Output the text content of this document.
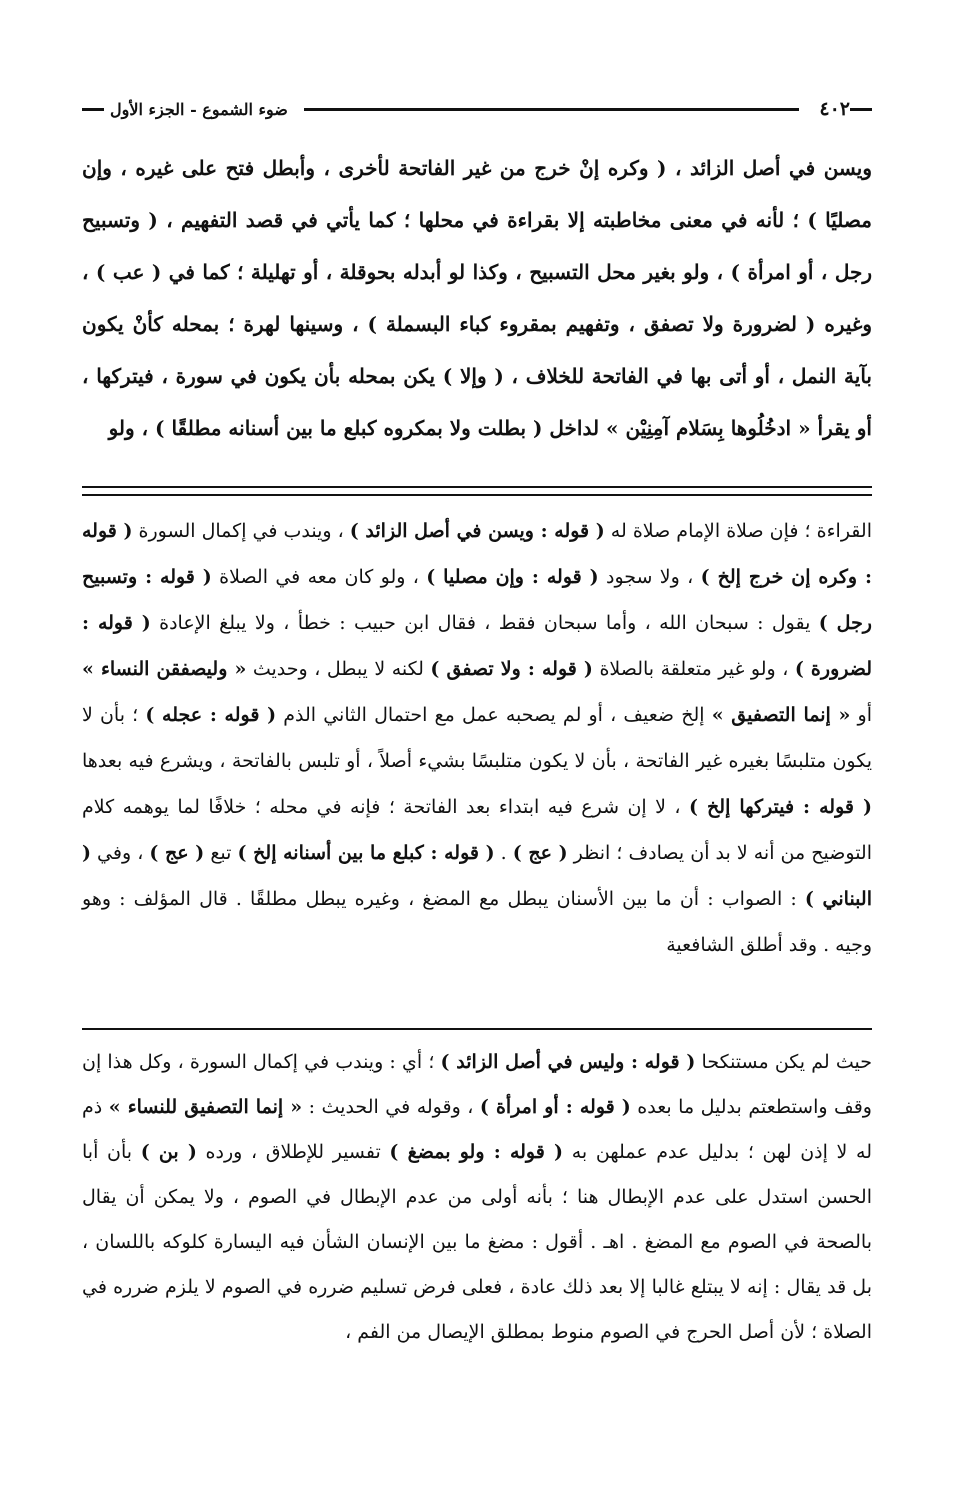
٤٠٢
ضوء الشموع - الجزء الأول
ويسن في أصل الزائد ، ( وكره إنْ خرج من غير الفاتحة لأخرى ، وأبطل فتح على غيره ، وإن مصليًا ) ؛ لأنه في معنى مخاطبته إلا بقراءة في محلها ؛ كما يأتي في قصد التفهيم ، ( وتسبيح رجل ، أو امرأة ) ، ولو بغير محل التسبيح ، وكذا لو أبدله بحوقلة ، أو تهليلة ؛ كما في ( عب ) ، وغيره ( لضرورة ولا تصفق ، وتفهيم بمقروء كباء البسملة ) ، وسينها لهرة ؛ بمحله كأنْ يكون بآية النمل ، أو أتى بها في الفاتحة للخلاف ، ( وإلا ) يكن بمحله بأن يكون في سورة ، فيتركها ، أو يقرأ « ادخُلُوها بِسَلام آمِنِيْن » لداخل ( بطلت ولا بمكروه كبلع ما بين أسنانه مطلقًا ) ، ولو
القراءة ؛ فإن صلاة الإمام صلاة له ( قوله : ويسن في أصل الزائد ) ، ويندب في إكمال السورة ( قوله : وكره إن خرج إلخ ) ، ولا سجود ( قوله : وإن مصليا ) ، ولو كان معه في الصلاة ( قوله : وتسبيح رجل ) يقول : سبحان الله ، وأما سبحان فقط ، فقال ابن حبيب : خطأ ، ولا يبلغ الإعادة ( قوله : لضرورة ) ، ولو غير متعلقة بالصلاة ( قوله : ولا تصفق ) لكنه لا يبطل ، وحديث « وليصفقن النساء » أو « إنما التصفيق » إلخ ضعيف ، أو لم يصحبه عمل مع احتمال الثاني الذم ( قوله : عجله ) ؛ بأن لا يكون متلبسًا بغيره غير الفاتحة ، بأن لا يكون متلبسًا بشيء أصلاً ، أو تلبس بالفاتحة ، ويشرع فيه بعدها ( قوله : فيتركها إلخ ) ، لا إن شرع فيه ابتداء بعد الفاتحة ؛ فإنه في محله ؛ خلافًا لما يوهمه كلام التوضيح من أنه لا بد أن يصادف ؛ انظر ( عج ) . ( قوله : كبلع ما بين أسنانه إلخ ) تبع ( عج ) ، وفي ( البناني ) : الصواب : أن ما بين الأسنان يبطل مع المضغ ، وغيره يبطل مطلقًا . قال المؤلف : وهو وجيه . وقد أطلق الشافعية
حيث لم يكن مستنكحا ( قوله : وليس في أصل الزائد ) ؛ أي : ويندب في إكمال السورة ، وكل هذا إن وقف واستطعتم بدليل ما بعده ( قوله : أو امرأة ) ، وقوله في الحديث : « إنما التصفيق للنساء » ذم له لا إذن لهن ؛ بدليل عدم عملهن به ( قوله : ولو بمضغ ) تفسير للإطلاق ، ورده ( بن ) بأن أبا الحسن استدل على عدم الإبطال هنا ؛ بأنه أولى من عدم الإبطال في الصوم ، ولا يمكن أن يقال بالصحة في الصوم مع المضغ . اهـ . أقول : مضغ ما بين الإنسان الشأن فيه اليسارة كلوكه باللسان ، بل قد يقال : إنه لا يبتلع غالبا إلا بعد ذلك عادة ، فعلى فرض تسليم ضرره في الصوم لا يلزم ضرره في الصلاة ؛ لأن أصل الحرج في الصوم منوط بمطلق الإيصال من الفم ،
